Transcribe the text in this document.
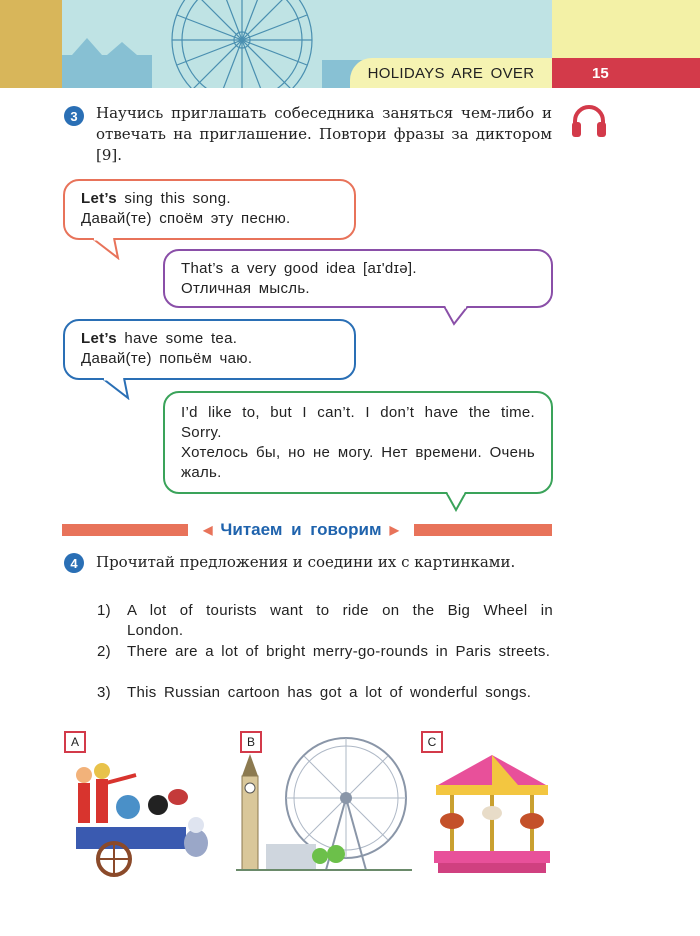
HOLIDAYS ARE OVER	15
3	Научись приглашать собеседника заняться чем-либо и отвечать на приглашение. Повтори фразы за диктором [9].
Let’s sing this song.
Давай(те) споём эту песню.
That’s a very good idea [aɪ'dɪə].
Отличная мысль.
Let’s have some tea.
Давай(те) попьём чаю.
I’d like to, but I can’t. I don’t have the time. Sorry.
Хотелось бы, но не могу. Нет времени. Очень жаль.
◀ Читаем и говорим ▶
4	Прочитай предложения и соедини их с картинками.
1) A lot of tourists want to ride on the Big Wheel in London.
2) There are a lot of bright merry-go-rounds in Paris streets.
3) This Russian cartoon has got a lot of wonderful songs.
A	B	C
